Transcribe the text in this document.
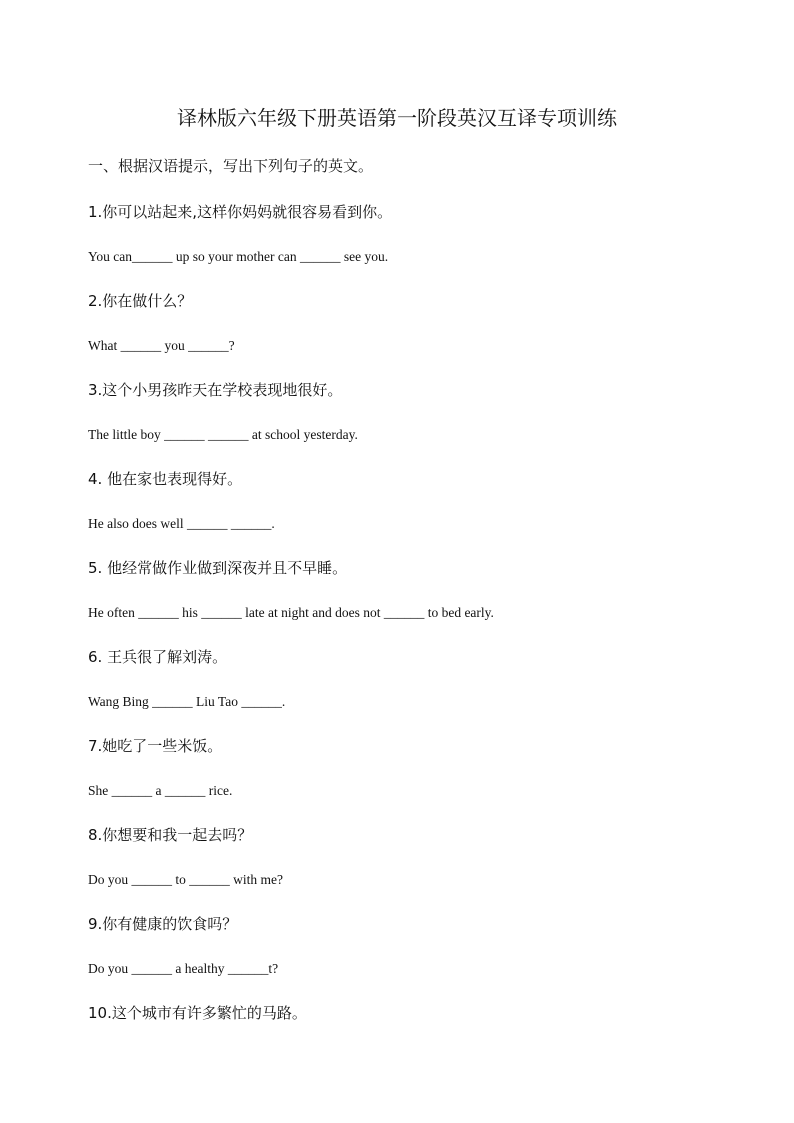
译林版六年级下册英语第一阶段英汉互译专项训练
一、根据汉语提示，写出下列句子的英文。
1.你可以站起来,这样你妈妈就很容易看到你。
You can______ up so your mother can ______ see you.
2.你在做什么？
What ______ you ______?
3.这个小男孩昨天在学校表现地很好。
The little boy ______ ______ at school yesterday.
4. 他在家也表现得好。
He also does well ______ ______.
5. 他经常做作业做到深夜并且不早睡。
He often ______ his ______ late at night and does not ______ to bed early.
6. 王兵很了解刘涛。
Wang Bing ______ Liu Tao ______.
7.她吃了一些米饭。
She ______ a ______ rice.
8.你想要和我一起去吗？
Do you ______ to ______ with me?
9.你有健康的饮食吗？
Do you ______ a healthy ______t?
10.这个城市有许多繁忙的马路。
